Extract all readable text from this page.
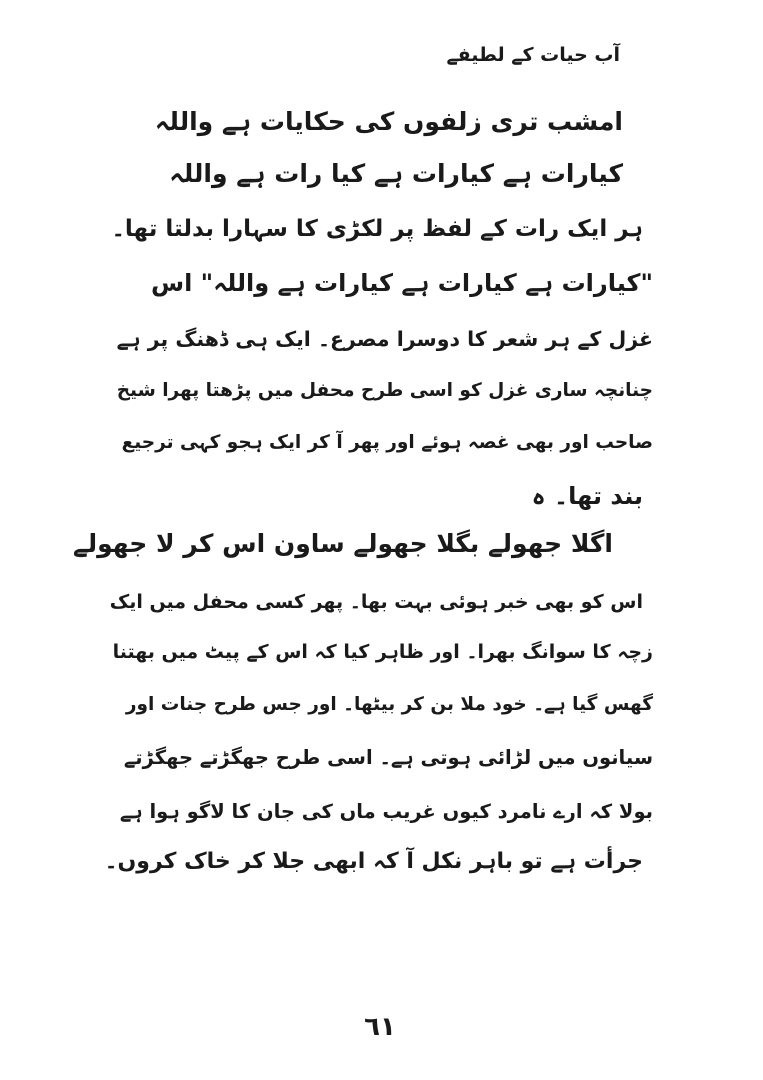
آب حیات کے لطیفے
امشب تری زلفوں کی حکایات ہے واللہ
کیارات ہے کیارات ہے کیا رات ہے واللہ
ہر ایک رات کے لفظ پر لکڑی کا سہارا بدلتا تھا۔
"کیارات ہے کیارات ہے کیارات ہے واللہ" اس
غزل کے ہر شعر کا دوسرا مصرع۔ ایک ہی ڈھنگ پر ہے
چنانچہ ساری غزل کو اسی طرح محفل میں پڑھتا پھرا شیخ
صاحب اور بھی غصہ ہوئے اور پھر آ کر ایک ہجو کہی ترجیع
بند تھا۔ ہ
اگلا جھولے بگلا جھولے ساون اس کر لا جھولے
اس کو بھی خبر ہوئی بہت بھا۔ پھر کسی محفل میں ایک
زچہ کا سوانگ بھرا۔ اور ظاہر کیا کہ اس کے پیٹ میں بھتنا
گھس گیا ہے۔ خود ملا بن کر بیٹھا۔ اور جس طرح جنات اور
سیانوں میں لڑائی ہوتی ہے۔ اسی طرح جھگڑتے جھگڑتے
بولا کہ ارے نامرد کیوں غریب ماں کی جان کا لاگو ہوا ہے
جرأت ہے تو باہر نکل آ کہ ابھی جلا کر خاک کروں۔
٦١
